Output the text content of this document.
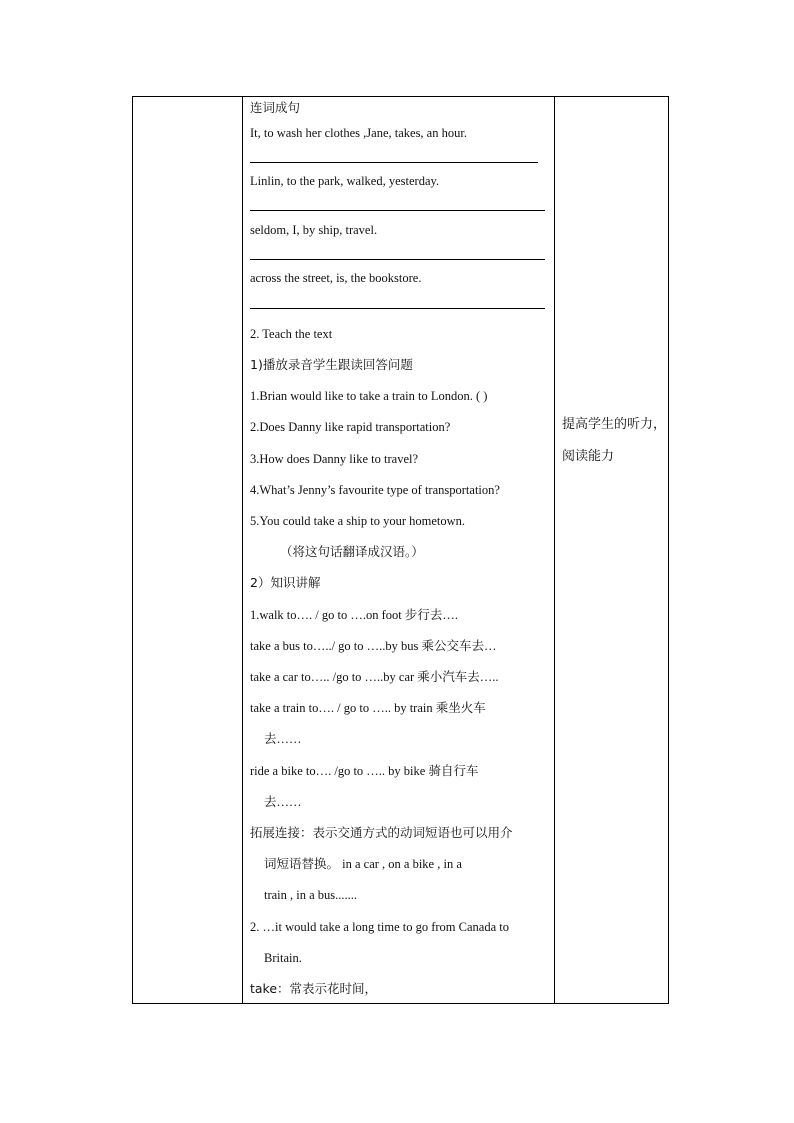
连词成句
It, to wash her clothes ,Jane, takes, an hour.
Linlin, to the park, walked, yesterday.
seldom, I, by ship, travel.
across the street, is, the bookstore.
2. Teach the text
1)播放录音学生跟读回答问题
1.Brian would like to take a train to London. ( )
2.Does Danny like rapid transportation?
3.How does Danny like to travel?
4.What’s Jenny’s favourite type of transportation?
5.You could take a ship to your hometown.
（将这句话翻译成汉语。）
2）知识讲解
1.walk to…. / go to ….on foot 步行去….
take a bus to…../ go to …..by bus 乘公交车去…
take a car to….. /go to …..by car 乘小汽车去…..
take a train to…. / go to ….. by train 乘坐火车
去……
ride a bike to…. /go to ….. by bike 骑自行车
去……
拓展连接：表示交通方式的动词短语也可以用介
词短语替换。 in a car , on a bike , in a
train , in a bus.......
2. …it would take a long time to go from Canada to
Britain.
take：常表示花时间，
提高学生的听力，
阅读能力
